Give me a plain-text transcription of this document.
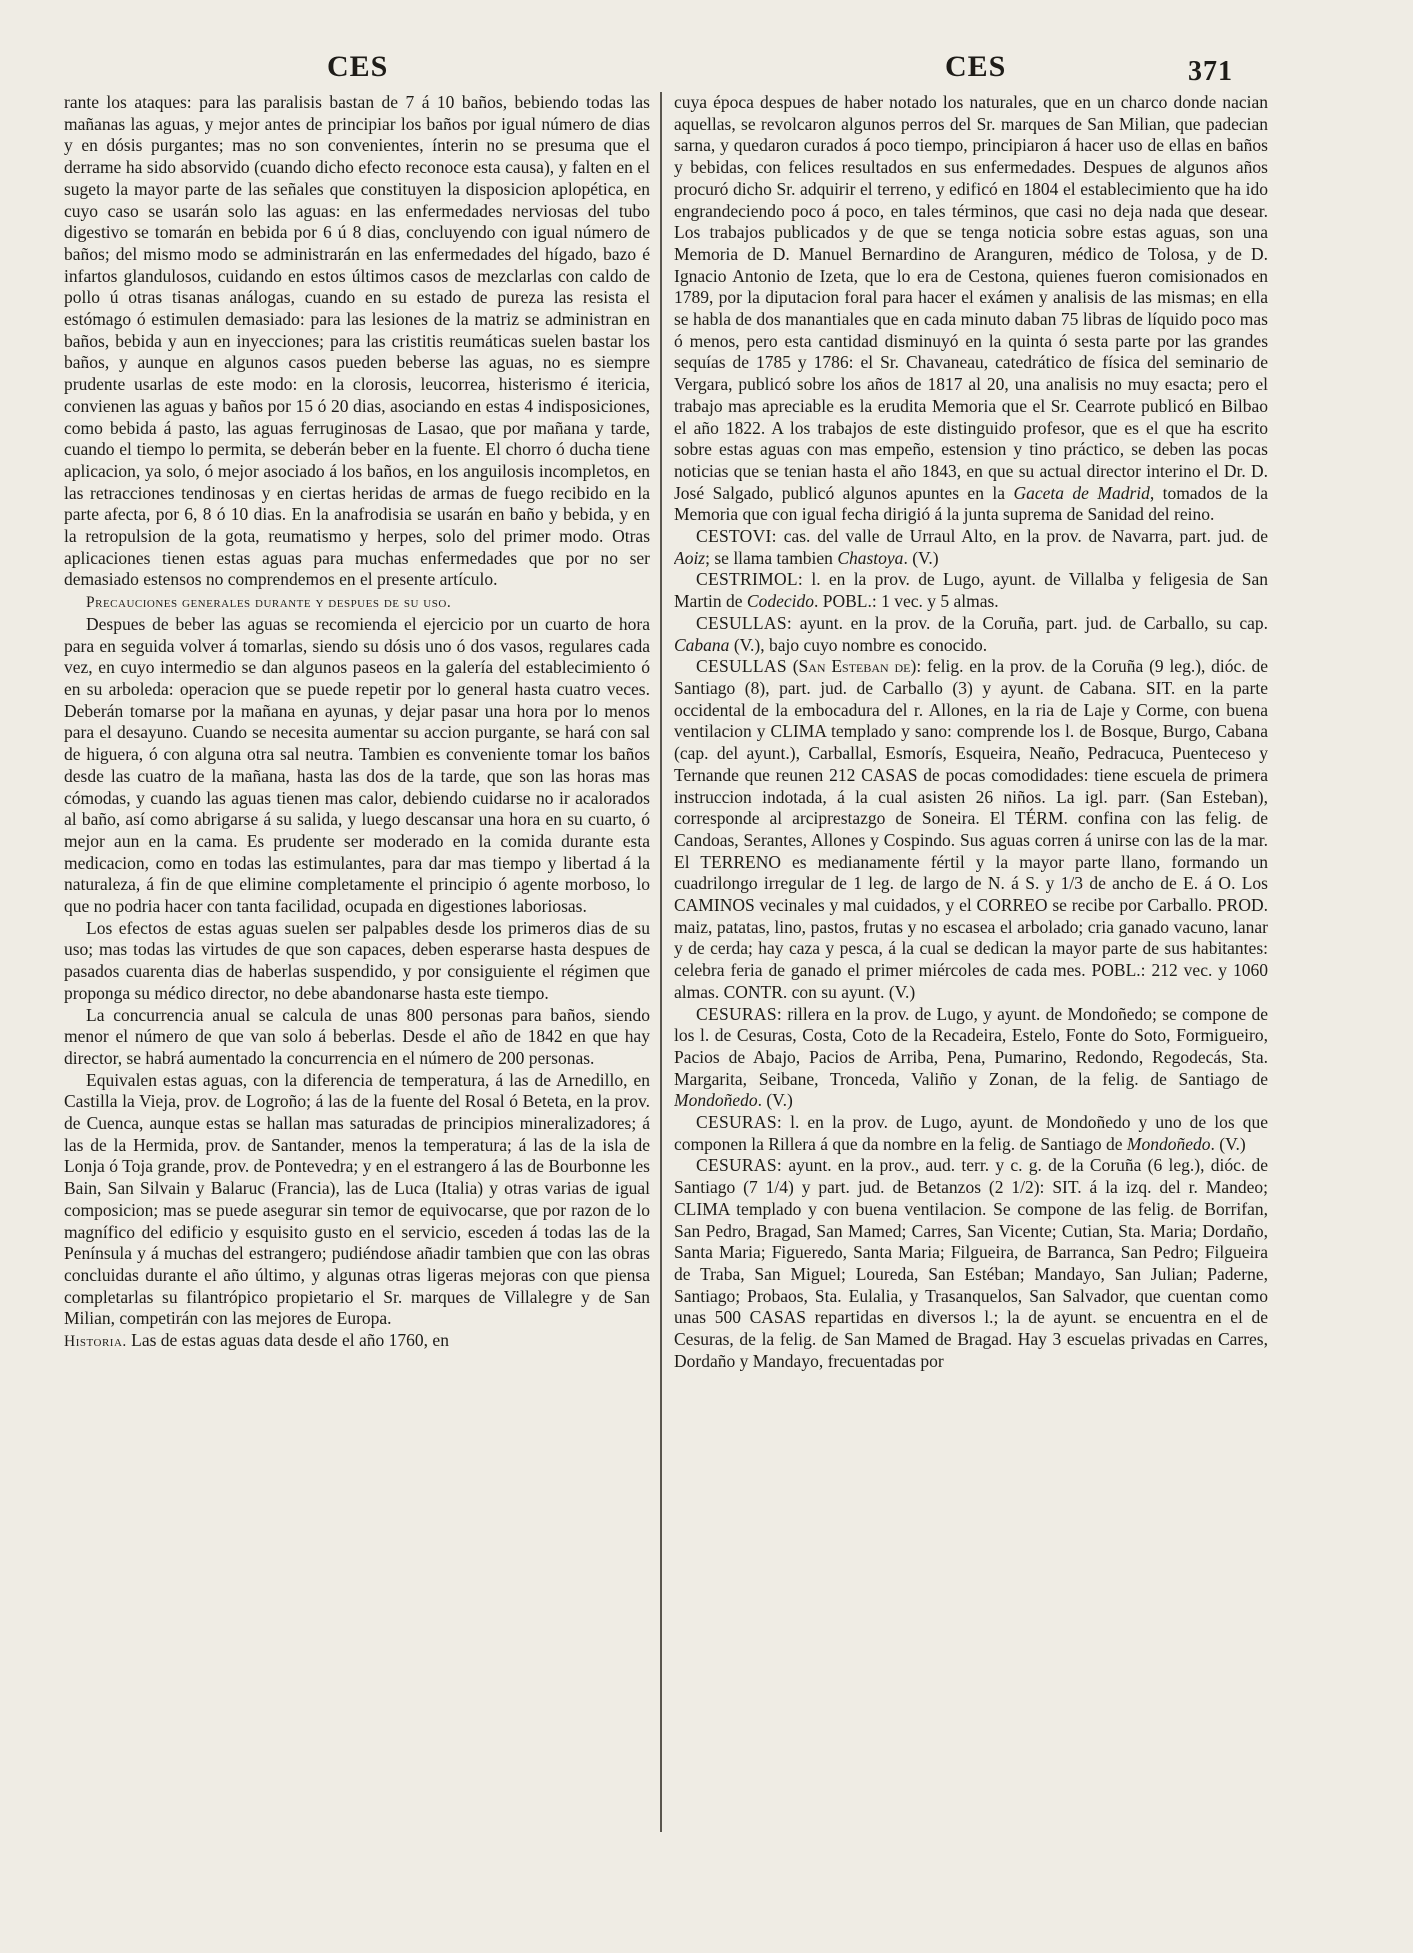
CES	CES	371

rante los ataques: para las paralisis bastan de 7 á 10 baños, bebiendo todas las mañanas las aguas, y mejor antes de principiar los baños por igual número de dias y en dósis purgantes; mas no son convenientes, ínterin no se presuma que el derrame ha sido absorvido (cuando dicho efecto reconoce esta causa), y falten en el sugeto la mayor parte de las señales que constituyen la disposicion aplopética, en cuyo caso se usarán solo las aguas: en las enfermedades nerviosas del tubo digestivo se tomarán en bebida por 6 ú 8 dias, concluyendo con igual número de baños; del mismo modo se administrarán en las enfermedades del hígado, bazo é infartos glandulosos, cuidando en estos últimos casos de mezclarlas con caldo de pollo ú otras tisanas análogas, cuando en su estado de pureza las resista el estómago ó estimulen demasiado: para las lesiones de la matriz se administran en baños, bebida y aun en inyecciones; para las cristitis reumáticas suelen bastar los baños, y aunque en algunos casos pueden beberse las aguas, no es siempre prudente usarlas de este modo: en la clorosis, leucorrea, histerismo é itericia, convienen las aguas y baños por 15 ó 20 dias, asociando en estas 4 indisposiciones, como bebida á pasto, las aguas ferruginosas de Lasao, que por mañana y tarde, cuando el tiempo lo permita, se deberán beber en la fuente. El chorro ó ducha tiene aplicacion, ya solo, ó mejor asociado á los baños, en los anguilosis incompletos, en las retracciones tendinosas y en ciertas heridas de armas de fuego recibido en la parte afecta, por 6, 8 ó 10 dias. En la anafrodisia se usarán en baño y bebida, y en la retropulsion de la gota, reumatismo y herpes, solo del primer modo. Otras aplicaciones tienen estas aguas para muchas enfermedades que por no ser demasiado estensos no comprendemos en el presente artículo.

Precauciones generales durante y despues de su uso.

Despues de beber las aguas se recomienda el ejercicio por un cuarto de hora para en seguida volver á tomarlas, siendo su dósis uno ó dos vasos, regulares cada vez, en cuyo intermedio se dan algunos paseos en la galería del establecimiento ó en su arboleda: operacion que se puede repetir por lo general hasta cuatro veces. Deberán tomarse por la mañana en ayunas, y dejar pasar una hora por lo menos para el desayuno. Cuando se necesita aumentar su accion purgante, se hará con sal de higuera, ó con alguna otra sal neutra. Tambien es conveniente tomar los baños desde las cuatro de la mañana, hasta las dos de la tarde, que son las horas mas cómodas, y cuando las aguas tienen mas calor, debiendo cuidarse no ir acalorados al baño, así como abrigarse á su salida, y luego descansar una hora en su cuarto, ó mejor aun en la cama. Es prudente ser moderado en la comida durante esta medicacion, como en todas las estimulantes, para dar mas tiempo y libertad á la naturaleza, á fin de que elimine completamente el principio ó agente morboso, lo que no podria hacer con tanta facilidad, ocupada en digestiones laboriosas.

Los efectos de estas aguas suelen ser palpables desde los primeros dias de su uso; mas todas las virtudes de que son capaces, deben esperarse hasta despues de pasados cuarenta dias de haberlas suspendido, y por consiguiente el régimen que proponga su médico director, no debe abandonarse hasta este tiempo.

La concurrencia anual se calcula de unas 800 personas para baños, siendo menor el número de que van solo á beberlas. Desde el año de 1842 en que hay director, se habrá aumentado la concurrencia en el número de 200 personas.

Equivalen estas aguas, con la diferencia de temperatura, á las de Arnedillo, en Castilla la Vieja, prov. de Logroño; á las de la fuente del Rosal ó Beteta, en la prov. de Cuenca, aunque estas se hallan mas saturadas de principios mineralizadores; á las de la Hermida, prov. de Santander, menos la temperatura; á las de la isla de Lonja ó Toja grande, prov. de Pontevedra; y en el estrangero á las de Bourbonne les Bain, San Silvain y Balaruc (Francia), las de Luca (Italia) y otras varias de igual composicion; mas se puede asegurar sin temor de equivocarse, que por razon de lo magnífico del edificio y esquisito gusto en el servicio, esceden á todas las de la Península y á muchas del estrangero; pudiéndose añadir tambien que con las obras concluidas durante el año último, y algunas otras ligeras mejoras con que piensa completarlas su filantrópico propietario el Sr. marques de Villalegre y de San Milian, competirán con las mejores de Europa.

Historia. Las de estas aguas data desde el año 1760, en

cuya época despues de haber notado los naturales, que en un charco donde nacian aquellas, se revolcaron algunos perros del Sr. marques de San Milian, que padecian sarna, y quedaron curados á poco tiempo, principiaron á hacer uso de ellas en baños y bebidas, con felices resultados en sus enfermedades. Despues de algunos años procuró dicho Sr. adquirir el terreno, y edificó en 1804 el establecimiento que ha ido engrandeciendo poco á poco, en tales términos, que casi no deja nada que desear. Los trabajos publicados y de que se tenga noticia sobre estas aguas, son una Memoria de D. Manuel Bernardino de Aranguren, médico de Tolosa, y de D. Ignacio Antonio de Izeta, que lo era de Cestona, quienes fueron comisionados en 1789, por la diputacion foral para hacer el exámen y analisis de las mismas; en ella se habla de dos manantiales que en cada minuto daban 75 libras de líquido poco mas ó menos, pero esta cantidad disminuyó en la quinta ó sesta parte por las grandes sequías de 1785 y 1786: el Sr. Chavaneau, catedrático de física del seminario de Vergara, publicó sobre los años de 1817 al 20, una analisis no muy esacta; pero el trabajo mas apreciable es la erudita Memoria que el Sr. Cearrote publicó en Bilbao el año 1822. A los trabajos de este distinguido profesor, que es el que ha escrito sobre estas aguas con mas empeño, estension y tino práctico, se deben las pocas noticias que se tenian hasta el año 1843, en que su actual director interino el Dr. D. José Salgado, publicó algunos apuntes en la Gaceta de Madrid, tomados de la Memoria que con igual fecha dirigió á la junta suprema de Sanidad del reino.

CESTOVI: cas. del valle de Urraul Alto, en la prov. de Navarra, part. jud. de Aoiz; se llama tambien Chastoya. (V.)

CESTRIMOL: l. en la prov. de Lugo, ayunt. de Villalba y feligesia de San Martin de Codecido. POBL.: 1 vec. y 5 almas.

CESULLAS: ayunt. en la prov. de la Coruña, part. jud. de Carballo, su cap. Cabana (V.), bajo cuyo nombre es conocido.

CESULLAS (San Esteban de): felig. en la prov. de la Coruña (9 leg.), dióc. de Santiago (8), part. jud. de Carballo (3) y ayunt. de Cabana. SIT. en la parte occidental de la embocadura del r. Allones, en la ria de Laje y Corme, con buena ventilacion y CLIMA templado y sano: comprende los l. de Bosque, Burgo, Cabana (cap. del ayunt.), Carballal, Esmorís, Esqueira, Neaño, Pedracuca, Puenteceso y Ternande que reunen 212 CASAS de pocas comodidades: tiene escuela de primera instruccion indotada, á la cual asisten 26 niños. La igl. parr. (San Esteban), corresponde al arciprestazgo de Soneira. El TÉRM. confina con las felig. de Candoas, Serantes, Allones y Cospindo. Sus aguas corren á unirse con las de la mar. El TERRENO es medianamente fértil y la mayor parte llano, formando un cuadrilongo irregular de 1 leg. de largo de N. á S. y 1/3 de ancho de E. á O. Los CAMINOS vecinales y mal cuidados, y el CORREO se recibe por Carballo. PROD. maiz, patatas, lino, pastos, frutas y no escasea el arbolado; cria ganado vacuno, lanar y de cerda; hay caza y pesca, á la cual se dedican la mayor parte de sus habitantes: celebra feria de ganado el primer miércoles de cada mes. POBL.: 212 vec. y 1060 almas. CONTR. con su ayunt. (V.)

CESURAS: rillera en la prov. de Lugo, y ayunt. de Mondoñedo; se compone de los l. de Cesuras, Costa, Coto de la Recadeira, Estelo, Fonte do Soto, Formigueiro, Pacios de Abajo, Pacios de Arriba, Pena, Pumarino, Redondo, Regodecás, Sta. Margarita, Seibane, Tronceda, Valiño y Zonan, de la felig. de Santiago de Mondoñedo. (V.)

CESURAS: l. en la prov. de Lugo, ayunt. de Mondoñedo y uno de los que componen la Rillera á que da nombre en la felig. de Santiago de Mondoñedo. (V.)

CESURAS: ayunt. en la prov., aud. terr. y c. g. de la Coruña (6 leg.), dióc. de Santiago (7 1/4) y part. jud. de Betanzos (2 1/2): SIT. á la izq. del r. Mandeo; CLIMA templado y con buena ventilacion. Se compone de las felig. de Borrifan, San Pedro, Bragad, San Mamed; Carres, San Vicente; Cutian, Sta. Maria; Dordaño, Santa Maria; Figueredo, Santa Maria; Filgueira, de Barranca, San Pedro; Filgueira de Traba, San Miguel; Loureda, San Estéban; Mandayo, San Julian; Paderne, Santiago; Probaos, Sta. Eulalia, y Trasanquelos, San Salvador, que cuentan como unas 500 CASAS repartidas en diversos l.; la de ayunt. se encuentra en el de Cesuras, de la felig. de San Mamed de Bragad. Hay 3 escuelas privadas en Carres, Dordaño y Mandayo, frecuentadas por
